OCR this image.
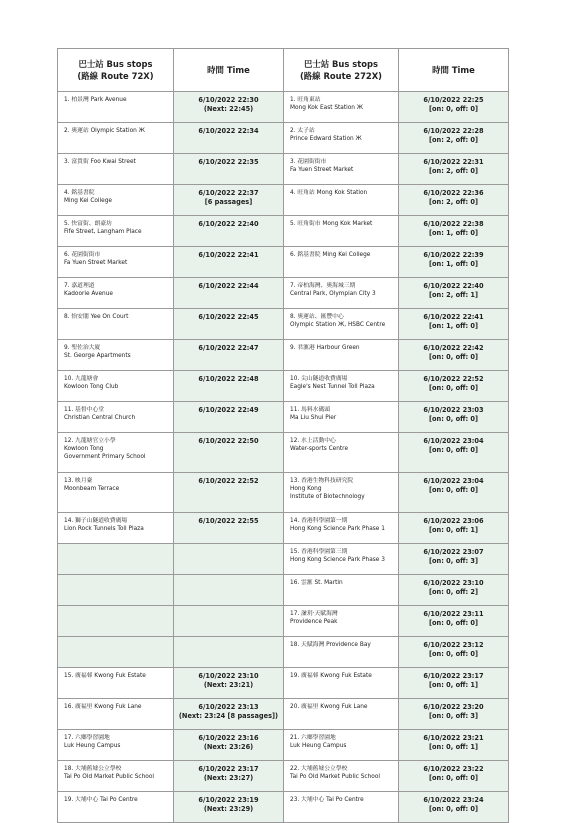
巴士站 Bus stops
(路線 Route 72X)	時間 Time	巴士站 Bus stops
(路線 Route 272X)	時間 Time

1. 柏景灣 Park Avenue	6/10/2022 22:30
(Next: 22:45)	1. 旺角東站
Mong Kok East Station Ж	6/10/2022 22:25
[on: 0, off: 0]

2. 奧運站 Olympic Station Ж	6/10/2022 22:34	2. 太子站
Prince Edward Station Ж	6/10/2022 22:28
[on: 2, off: 0]

3. 富貴街 Foo Kwai Street	6/10/2022 22:35	3. 花園街街市
Fa Yuen Street Market	6/10/2022 22:31
[on: 2, off: 0]

4. 銘基書院
Ming Kei College	6/10/2022 22:37
[6 passages]	4. 旺角站 Mong Kok Station	6/10/2022 22:36
[on: 2, off: 0]

5. 快富街、朗豪坊
Fife Street, Langham Place	6/10/2022 22:40	5. 旺角街市 Mong Kok Market	6/10/2022 22:38
[on: 1, off: 0]

6. 花園街街市
Fa Yuen Street Market	6/10/2022 22:41	6. 銘基書院 Ming Kei College	6/10/2022 22:39
[on: 1, off: 0]

7. 嘉道理道
Kadoorie Avenue	6/10/2022 22:44	7. 帝柏海灣、奧海城三期
Central Park, Olympian City 3	6/10/2022 22:40
[on: 2, off: 1]

8. 怡安閣 Yee On Court	6/10/2022 22:45	8. 奧運站、匯豐中心
Olympic Station Ж, HSBC Centre	6/10/2022 22:41
[on: 1, off: 0]

9. 聖佐治大廈
St. George Apartments	6/10/2022 22:47	9. 君滙港 Harbour Green	6/10/2022 22:42
[on: 0, off: 0]

10. 九龍塘會
Kowloon Tong Club	6/10/2022 22:48	10. 尖山隧道收費廣場
Eagle's Nest Tunnel Toll Plaza	6/10/2022 22:52
[on: 0, off: 0]

11. 基督中心堂
Christian Central Church	6/10/2022 22:49	11. 馬料水碼頭
Ma Liu Shui Pier	6/10/2022 23:03
[on: 0, off: 0]

12. 九龍塘官立小學
Kowloon Tong
Government Primary School	6/10/2022 22:50	12. 水上活動中心
Water-sports Centre	6/10/2022 23:04
[on: 0, off: 0]

13. 映月臺
Moonbeam Terrace	6/10/2022 22:52	13. 香港生物科技研究院
Hong Kong
Institute of Biotechnology	6/10/2022 23:04
[on: 0, off: 0]

14. 獅子山隧道收費廣場
Lion Rock Tunnels Toll Plaza	6/10/2022 22:55	14. 香港科學園第一期
Hong Kong Science Park Phase 1	6/10/2022 23:06
[on: 0, off: 1]

		15. 香港科學園第三期
Hong Kong Science Park Phase 3	6/10/2022 23:07
[on: 0, off: 3]

		16. 雲滙 St. Martin	6/10/2022 23:10
[on: 0, off: 2]

		17. 溋玥‧天賦海灣
Providence Peak	6/10/2022 23:11
[on: 0, off: 0]

		18. 天賦海灣 Providence Bay	6/10/2022 23:12
[on: 0, off: 0]

15. 廣福邨 Kwong Fuk Estate	6/10/2022 23:10
(Next: 23:21)	19. 廣福邨 Kwong Fuk Estate	6/10/2022 23:17
[on: 0, off: 1]

16. 廣福里 Kwong Fuk Lane	6/10/2022 23:13
(Next: 23:24 [8 passages])	20. 廣福里 Kwong Fuk Lane	6/10/2022 23:20
[on: 0, off: 3]

17. 六鄉學習園地
Luk Heung Campus	6/10/2022 23:16
(Next: 23:26)	21. 六鄉學習園地
Luk Heung Campus	6/10/2022 23:21
[on: 0, off: 1]

18. 大埔舊墟公立學校
Tai Po Old Market Public School	6/10/2022 23:17
(Next: 23:27)	22. 大埔舊墟公立學校
Tai Po Old Market Public School	6/10/2022 23:22
[on: 0, off: 0]

19. 大埔中心 Tai Po Centre	6/10/2022 23:19
(Next: 23:29)	23. 大埔中心 Tai Po Centre	6/10/2022 23:24
[on: 0, off: 0]
